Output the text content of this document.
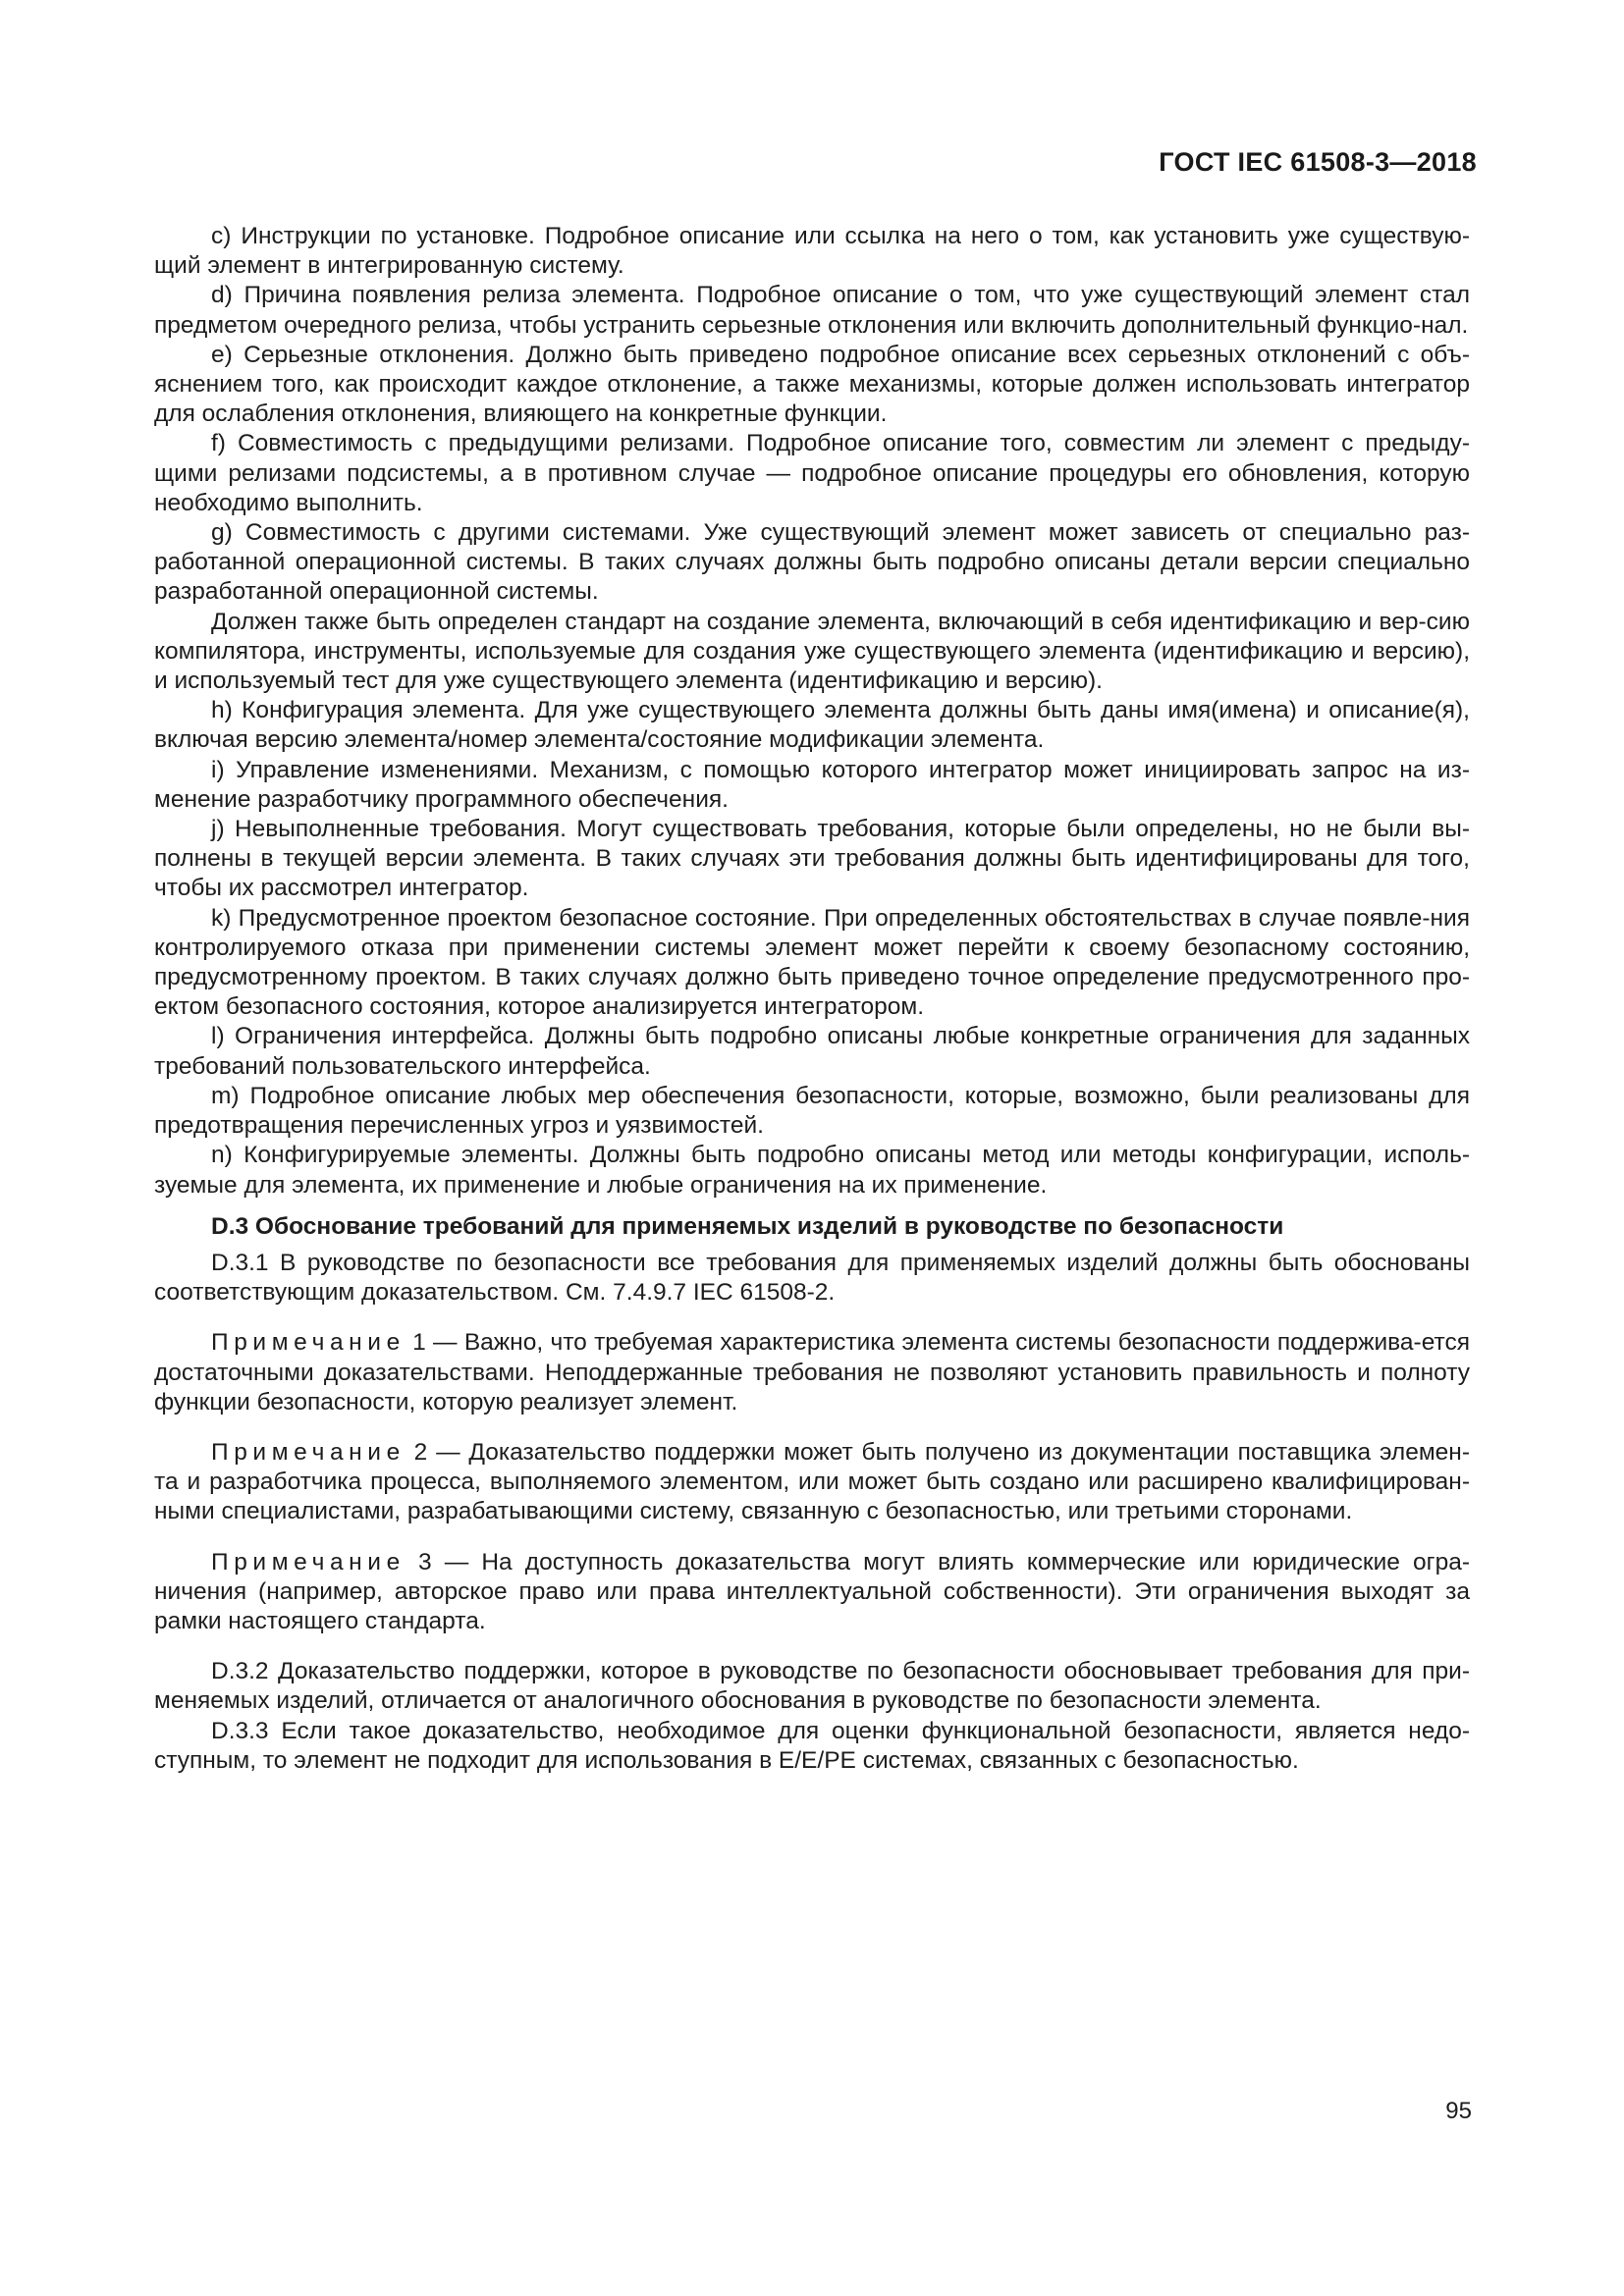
ГОСТ IEC 61508-3—2018

c) Инструкции по установке. Подробное описание или ссылка на него о том, как установить уже существую-щий элемент в интегрированную систему.

d) Причина появления релиза элемента. Подробное описание о том, что уже существующий элемент стал предметом очередного релиза, чтобы устранить серьезные отклонения или включить дополнительный функцио-нал.

e) Серьезные отклонения. Должно быть приведено подробное описание всех серьезных отклонений с объ-яснением того, как происходит каждое отклонение, а также механизмы, которые должен использовать интегратор для ослабления отклонения, влияющего на конкретные функции.

f) Совместимость с предыдущими релизами. Подробное описание того, совместим ли элемент с предыду-щими релизами подсистемы, а в противном случае — подробное описание процедуры его обновления, которую необходимо выполнить.

g) Совместимость с другими системами. Уже существующий элемент может зависеть от специально раз-работанной операционной системы. В таких случаях должны быть подробно описаны детали версии специально разработанной операционной системы.

Должен также быть определен стандарт на создание элемента, включающий в себя идентификацию и вер-сию компилятора, инструменты, используемые для создания уже существующего элемента (идентификацию и версию), и используемый тест для уже существующего элемента (идентификацию и версию).

h) Конфигурация элемента. Для уже существующего элемента должны быть даны имя(имена) и описание(я), включая версию элемента/номер элемента/состояние модификации элемента.

i) Управление изменениями. Механизм, с помощью которого интегратор может инициировать запрос на из-менение разработчику программного обеспечения.

j) Невыполненные требования. Могут существовать требования, которые были определены, но не были вы-полнены в текущей версии элемента. В таких случаях эти требования должны быть идентифицированы для того, чтобы их рассмотрел интегратор.

k) Предусмотренное проектом безопасное состояние. При определенных обстоятельствах в случае появле-ния контролируемого отказа при применении системы элемент может перейти к своему безопасному состоянию, предусмотренному проектом. В таких случаях должно быть приведено точное определение предусмотренного про-ектом безопасного состояния, которое анализируется интегратором.

l) Ограничения интерфейса. Должны быть подробно описаны любые конкретные ограничения для заданных требований пользовательского интерфейса.

m) Подробное описание любых мер обеспечения безопасности, которые, возможно, были реализованы для предотвращения перечисленных угроз и уязвимостей.

n) Конфигурируемые элементы. Должны быть подробно описаны метод или методы конфигурации, исполь-зуемые для элемента, их применение и любые ограничения на их применение.

D.3 Обоснование требований для применяемых изделий в руководстве по безопасности

D.3.1 В руководстве по безопасности все требования для применяемых изделий должны быть обоснованы соответствующим доказательством. См. 7.4.9.7 IEC 61508-2.

Примечание 1 — Важно, что требуемая характеристика элемента системы безопасности поддержива-ется достаточными доказательствами. Неподдержанные требования не позволяют установить правильность и полноту функции безопасности, которую реализует элемент.

Примечание 2 — Доказательство поддержки может быть получено из документации поставщика элемен-та и разработчика процесса, выполняемого элементом, или может быть создано или расширено квалифицирован-ными специалистами, разрабатывающими систему, связанную с безопасностью, или третьими сторонами.

Примечание 3 — На доступность доказательства могут влиять коммерческие или юридические огра-ничения (например, авторское право или права интеллектуальной собственности). Эти ограничения выходят за рамки настоящего стандарта.

D.3.2 Доказательство поддержки, которое в руководстве по безопасности обосновывает требования для при-меняемых изделий, отличается от аналогичного обоснования в руководстве по безопасности элемента.

D.3.3 Если такое доказательство, необходимое для оценки функциональной безопасности, является недо-ступным, то элемент не подходит для использования в E/E/PE системах, связанных с безопасностью.

95
